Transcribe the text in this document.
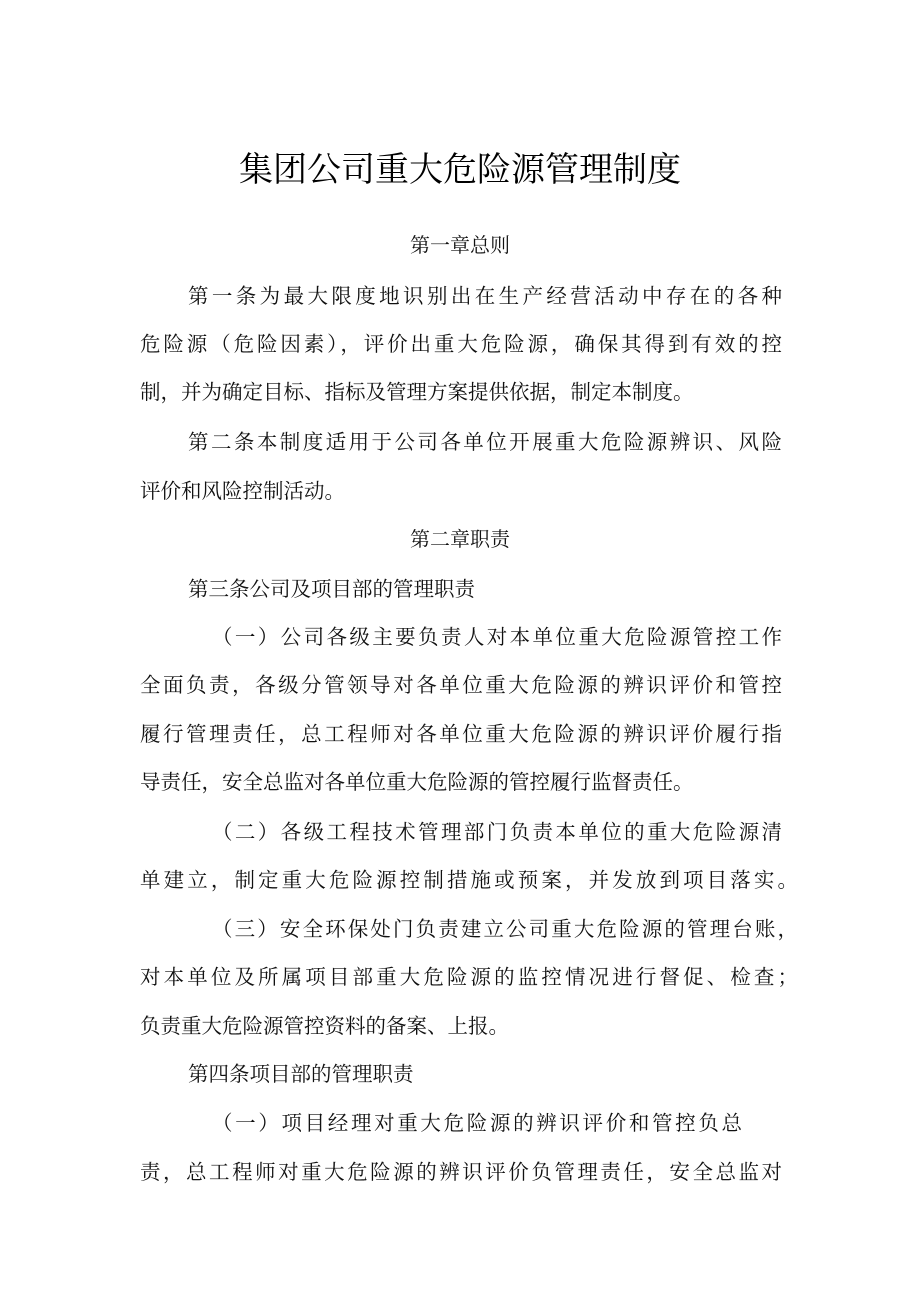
集团公司重大危险源管理制度
第一章总则
第一条为最大限度地识别出在生产经营活动中存在的各种
危险源（危险因素），评价出重大危险源，确保其得到有效的控
制，并为确定目标、指标及管理方案提供依据，制定本制度。
第二条本制度适用于公司各单位开展重大危险源辨识、风险
评价和风险控制活动。
第二章职责
第三条公司及项目部的管理职责
（一）公司各级主要负责人对本单位重大危险源管控工作
全面负责，各级分管领导对各单位重大危险源的辨识评价和管控
履行管理责任，总工程师对各单位重大危险源的辨识评价履行指
导责任，安全总监对各单位重大危险源的管控履行监督责任。
（二）各级工程技术管理部门负责本单位的重大危险源清
单建立，制定重大危险源控制措施或预案，并发放到项目落实。
（三）安全环保处门负责建立公司重大危险源的管理台账，
对本单位及所属项目部重大危险源的监控情况进行督促、检查；
负责重大危险源管控资料的备案、上报。
第四条项目部的管理职责
（一）项目经理对重大危险源的辨识评价和管控负总
责，总工程师对重大危险源的辨识评价负管理责任，安全总监对
